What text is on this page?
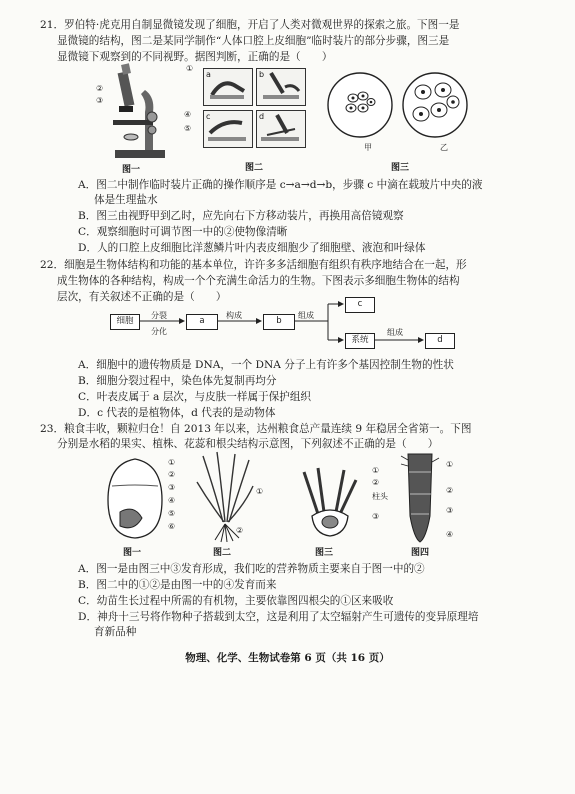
21．罗伯特·虎克用自制显微镜发现了细胞，开启了人类对微观世界的探索之旅。下图一是
显微镜的结构，图二是某同学制作“人体口腔上皮细胞”临时装片的部分步骤，图三是
显微镜下观察到的不同视野。据图判断，正确的是（　　）
①
②
③
④
⑤
图一
a	b
c	d
图二
甲	乙
图三
A．图二中制作临时装片正确的操作顺序是 c→a→d→b，步骤 c 中滴在载玻片中央的液
体是生理盐水
B．图三由视野甲到乙时，应先向右下方移动装片，再换用高倍镜观察
C．观察细胞时可调节图一中的②使物像清晰
D．人的口腔上皮细胞比洋葱鳞片叶内表皮细胞少了细胞壁、液泡和叶绿体
22．细胞是生物体结构和功能的基本单位，许许多多活细胞有组织有秩序地结合在一起，形
成生物体的各种结构，构成一个个充满生命活力的生物。下图表示多细胞生物体的结构
层次，有关叙述不正确的是（　　）
细胞
分裂
分化
a
构成
b
组成
c
系统
组成
d
A．细胞中的遗传物质是 DNA，一个 DNA 分子上有许多个基因控制生物的性状
B．细胞分裂过程中，染色体先复制再均分
C．叶表皮属于 a 层次，与皮肤一样属于保护组织
D．c 代表的是植物体，d 代表的是动物体
23．粮食丰收，颗粒归仓！自 2013 年以来，达州粮食总产量连续 9 年稳居全省第一。下图
分别是水稻的果实、植株、花蕊和根尖结构示意图，下列叙述不正确的是（　　）
①
②
③
④
⑤
⑥
图一
①
②
图二
①
②
柱头
③
图三
①
②
③
④
图四
A．图一是由图三中③发育形成，我们吃的营养物质主要来自于图一中的②
B．图二中的①②是由图一中的④发育而来
C．幼苗生长过程中所需的有机物，主要依靠图四根尖的①区来吸收
D．神舟十三号将作物种子搭载到太空，这是利用了太空辐射产生可遗传的变异原理培
育新品种
物理、化学、生物试卷第 6 页（共 16 页）
